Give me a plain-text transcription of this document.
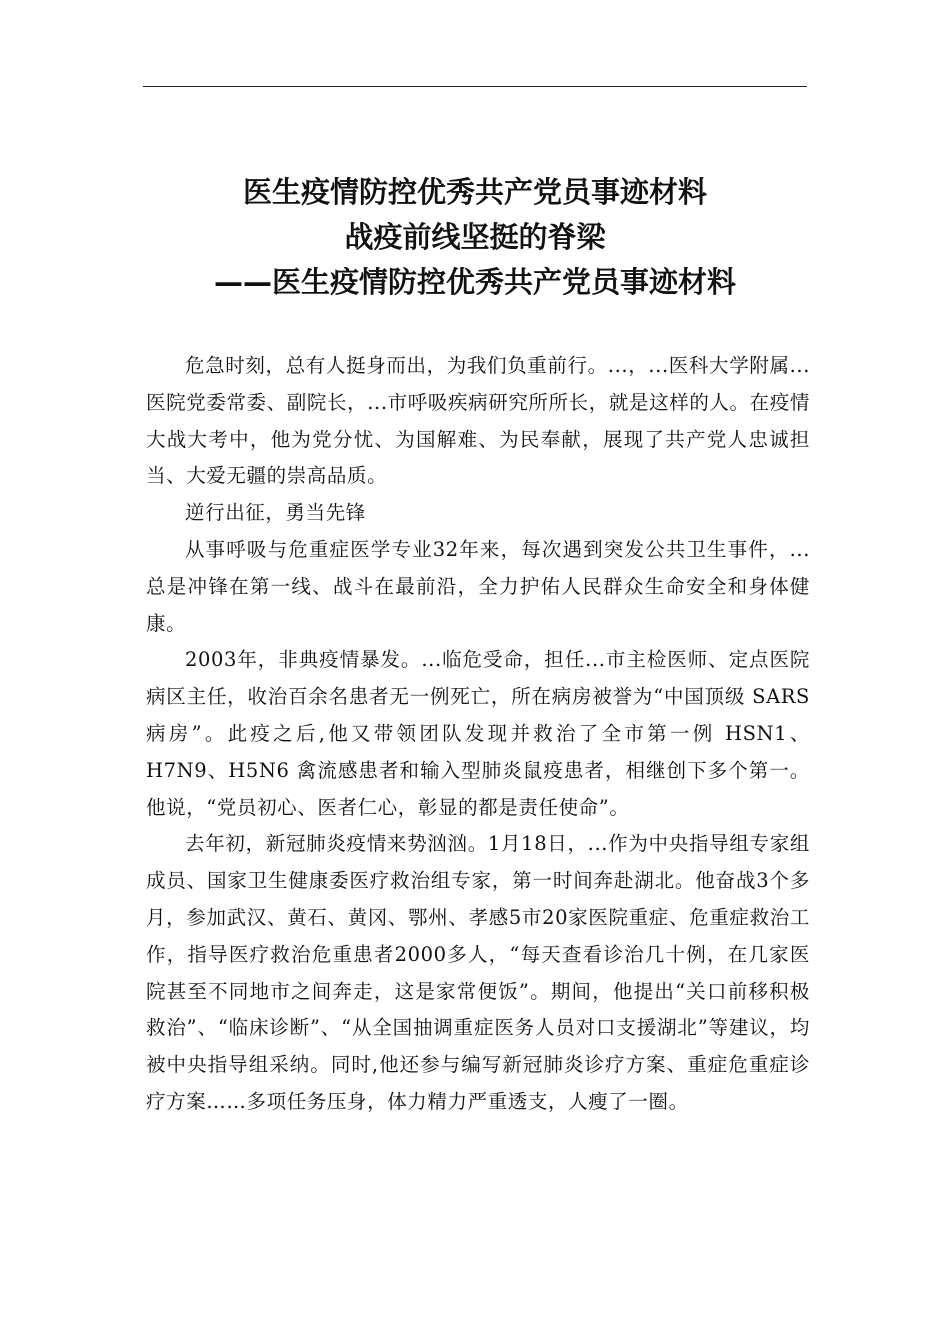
医生疫情防控优秀共产党员事迹材料
战疫前线坚挺的脊梁
——医生疫情防控优秀共产党员事迹材料

危急时刻，总有人挺身而出，为我们负重前行。...，...医科大学附属...医院党委常委、副院长，...市呼吸疾病研究所所长，就是这样的人。在疫情大战大考中，他为党分忧、为国解难、为民奉献，展现了共产党人忠诚担当、大爱无疆的崇高品质。

逆行出征，勇当先锋

从事呼吸与危重症医学专业32年来，每次遇到突发公共卫生事件，...总是冲锋在第一线、战斗在最前沿，全力护佑人民群众生命安全和身体健康。

2003年，非典疫情暴发。...临危受命，担任...市主检医师、定点医院病区主任，收治百余名患者无一例死亡，所在病房被誉为“中国顶级 SARS 病房”。此疫之后,他又带领团队发现并救治了全市第一例 HSN1、H7N9、H5N6 禽流感患者和输入型肺炎鼠疫患者，相继创下多个第一。他说，“党员初心、医者仁心，彰显的都是责任使命”。

去年初，新冠肺炎疫情来势汹汹。1月18日，...作为中央指导组专家组成员、国家卫生健康委医疗救治组专家，第一时间奔赴湖北。他奋战3个多月，参加武汉、黄石、黄冈、鄂州、孝感5市20家医院重症、危重症救治工作，指导医疗救治危重患者2000多人，“每天查看诊治几十例，在几家医院甚至不同地市之间奔走，这是家常便饭”。期间，他提出“关口前移积极救治”、“临床诊断”、“从全国抽调重症医务人员对口支援湖北”等建议，均被中央指导组采纳。同时,他还参与编写新冠肺炎诊疗方案、重症危重症诊疗方案……多项任务压身，体力精力严重透支，人瘦了一圈。
